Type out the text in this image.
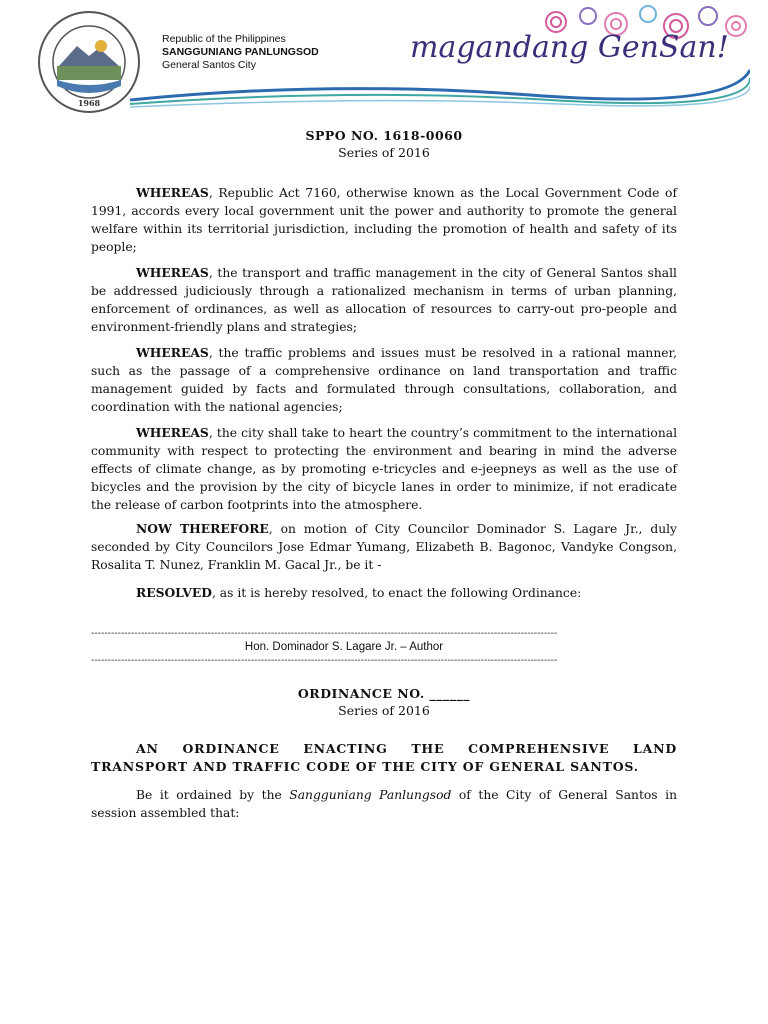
1968
Republic of the Philippines
SANGGUNIANG PANLUNGSOD
General Santos City	magandang GenSan!
SPPO NO. 1618-0060
Series of 2016

WHEREAS, Republic Act 7160, otherwise known as the Local Government Code of 1991, accords every local government unit the power and authority to promote the general welfare within its territorial jurisdiction, including the promotion of health and safety of its people;

WHEREAS, the transport and traffic management in the city of General Santos shall be addressed judiciously through a rationalized mechanism in terms of urban planning, enforcement of ordinances, as well as allocation of resources to carry-out pro-people and environment-friendly plans and strategies;

WHEREAS, the traffic problems and issues must be resolved in a rational manner, such as the passage of a comprehensive ordinance on land transportation and traffic management guided by facts and formulated through consultations, collaboration, and coordination with the national agencies;

WHEREAS, the city shall take to heart the country’s commitment to the international community with respect to protecting the environment and bearing in mind the adverse effects of climate change, as by promoting e-tricycles and e-jeepneys as well as the use of bicycles and the provision by the city of bicycle lanes in order to minimize, if not eradicate the release of carbon footprints into the atmosphere.

NOW THEREFORE, on motion of City Councilor Dominador S. Lagare Jr., duly seconded by City Councilors Jose Edmar Yumang, Elizabeth B. Bagonoc, Vandyke Congson, Rosalita T. Nunez, Franklin M. Gacal Jr., be it -

RESOLVED, as it is hereby resolved, to enact the following Ordinance:

--------------------------------------------------------------------------------------------------------------------------------------------
Hon. Dominador S. Lagare Jr. – Author
--------------------------------------------------------------------------------------------------------------------------------------------
ORDINANCE NO. ______
Series of 2016

AN ORDINANCE ENACTING THE COMPREHENSIVE LAND TRANSPORT AND TRAFFIC CODE OF THE CITY OF GENERAL SANTOS.

Be it ordained by the Sangguniang Panlungsod of the City of General Santos in session assembled that:
